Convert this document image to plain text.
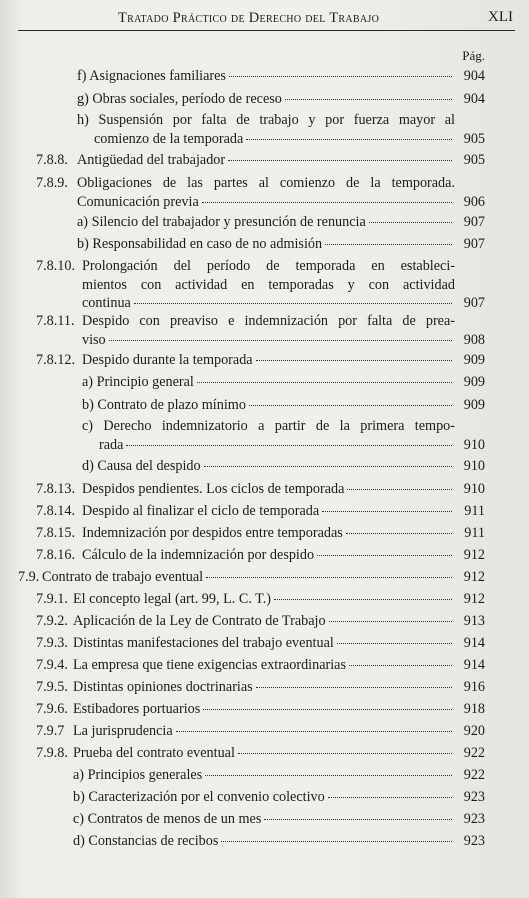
Tratado Práctico de Derecho del Trabajo	XLI
Pág.
f) Asignaciones familiares	904
g) Obras sociales, período de receso	904
h) Suspensión por falta de trabajo y por fuerza mayor al
comienzo de la temporada	905
7.8.8. Antigüedad del trabajador	905
7.8.9. Obligaciones de las partes al comienzo de la temporada.
Comunicación previa	906
a) Silencio del trabajador y presunción de renuncia	907
b) Responsabilidad en caso de no admisión	907
7.8.10. Prolongación del período de temporada en estableci-
mientos con actividad en temporadas y con actividad
continua	907
7.8.11. Despido con preaviso e indemnización por falta de prea-
viso	908
7.8.12. Despido durante la temporada	909
a) Principio general	909
b) Contrato de plazo mínimo	909
c) Derecho indemnizatorio a partir de la primera tempo-
rada	910
d) Causa del despido	910
7.8.13. Despidos pendientes. Los ciclos de temporada	910
7.8.14. Despido al finalizar el ciclo de temporada	911
7.8.15. Indemnización por despidos entre temporadas	911
7.8.16. Cálculo de la indemnización por despido	912
7.9. Contrato de trabajo eventual	912
7.9.1. El concepto legal (art. 99, L. C. T.)	912
7.9.2. Aplicación de la Ley de Contrato de Trabajo	913
7.9.3. Distintas manifestaciones del trabajo eventual	914
7.9.4. La empresa que tiene exigencias extraordinarias	914
7.9.5. Distintas opiniones doctrinarias	916
7.9.6. Estibadores portuarios	918
7.9.7 La jurisprudencia	920
7.9.8. Prueba del contrato eventual	922
a) Principios generales	922
b) Caracterización por el convenio colectivo	923
c) Contratos de menos de un mes	923
d) Constancias de recibos	923
